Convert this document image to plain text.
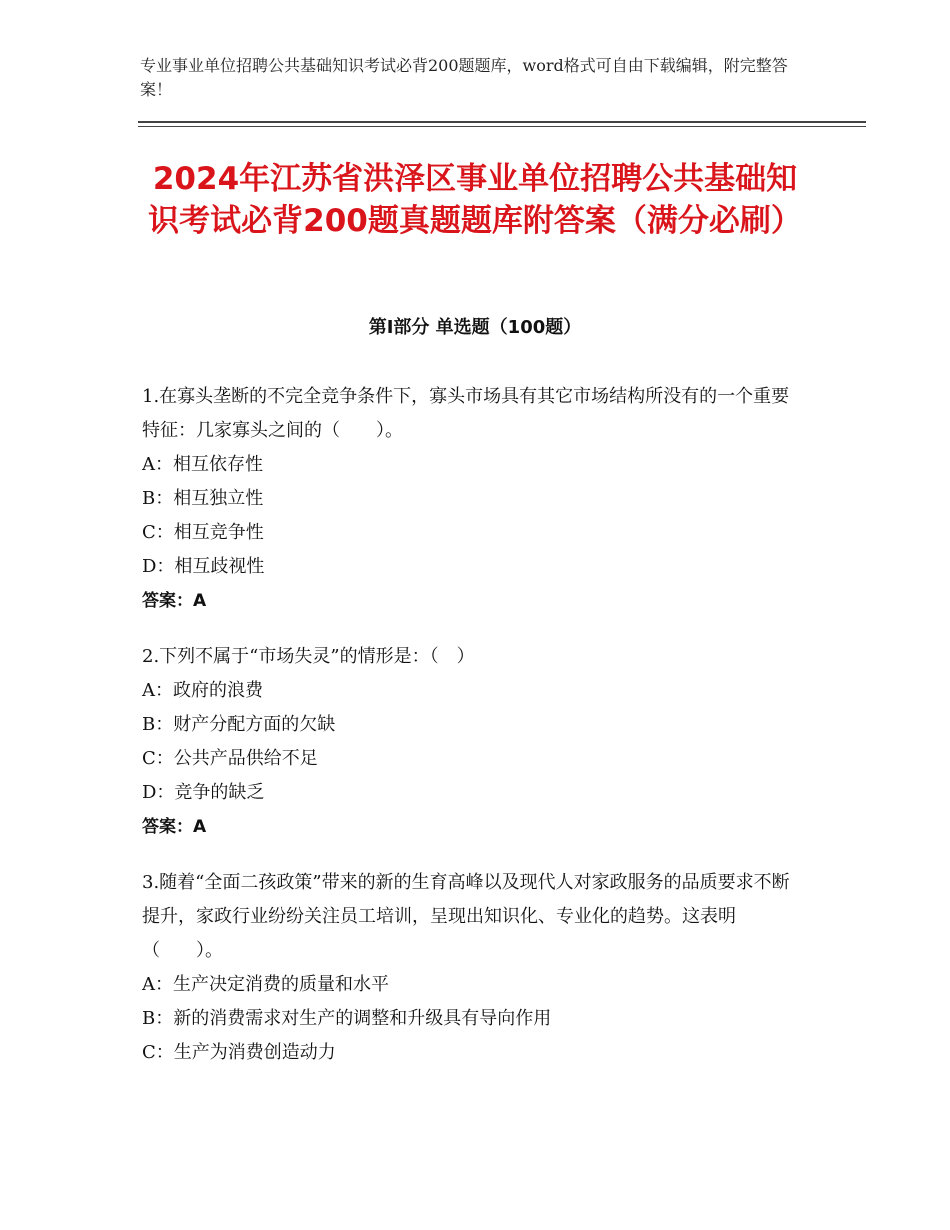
专业事业单位招聘公共基础知识考试必背200题题库，word格式可自由下载编辑，附完整答案！
2024年江苏省洪泽区事业单位招聘公共基础知识考试必背200题真题题库附答案（满分必刷）
第Ⅰ部分 单选题（100题）
1.在寡头垄断的不完全竞争条件下，寡头市场具有其它市场结构所没有的一个重要特征：几家寡头之间的（　　）。
A：相互依存性
B：相互独立性
C：相互竞争性
D：相互歧视性
答案：A
2.下列不属于“市场失灵”的情形是：（　）
A：政府的浪费
B：财产分配方面的欠缺
C：公共产品供给不足
D：竞争的缺乏
答案：A
3.随着“全面二孩政策”带来的新的生育高峰以及现代人对家政服务的品质要求不断提升，家政行业纷纷关注员工培训，呈现出知识化、专业化的趋势。这表明（　　）。
A：生产决定消费的质量和水平
B：新的消费需求对生产的调整和升级具有导向作用
C：生产为消费创造动力
